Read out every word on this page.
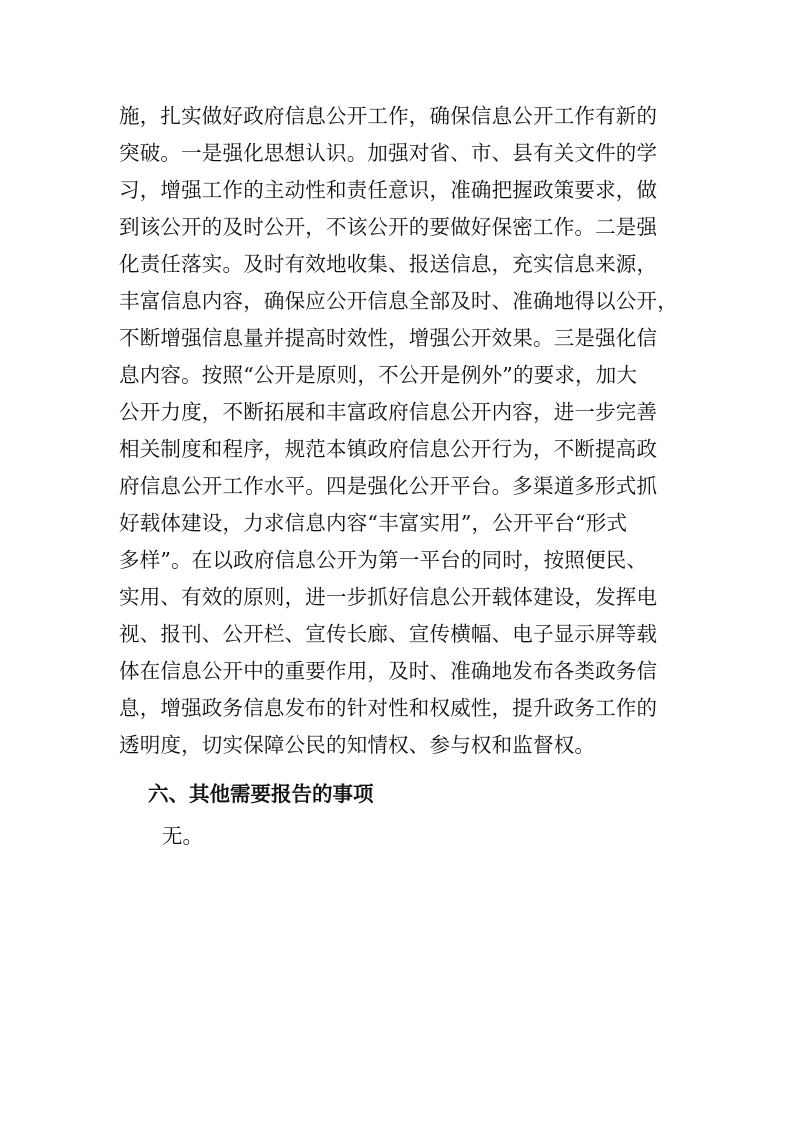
施，扎实做好政府信息公开工作，确保信息公开工作有新的
突破。一是强化思想认识。加强对省、市、县有关文件的学
习，增强工作的主动性和责任意识，准确把握政策要求，做
到该公开的及时公开，不该公开的要做好保密工作。二是强
化责任落实。及时有效地收集、报送信息，充实信息来源，
丰富信息内容，确保应公开信息全部及时、准确地得以公开，
不断增强信息量并提高时效性，增强公开效果。三是强化信
息内容。按照“公开是原则，不公开是例外”的要求，加大
公开力度，不断拓展和丰富政府信息公开内容，进一步完善
相关制度和程序，规范本镇政府信息公开行为，不断提高政
府信息公开工作水平。四是强化公开平台。多渠道多形式抓
好载体建设，力求信息内容“丰富实用”，公开平台“形式
多样”。在以政府信息公开为第一平台的同时，按照便民、
实用、有效的原则，进一步抓好信息公开载体建设，发挥电
视、报刊、公开栏、宣传长廊、宣传横幅、电子显示屏等载
体在信息公开中的重要作用，及时、准确地发布各类政务信
息，增强政务信息发布的针对性和权威性，提升政务工作的
透明度，切实保障公民的知情权、参与权和监督权。
六、其他需要报告的事项
无。
